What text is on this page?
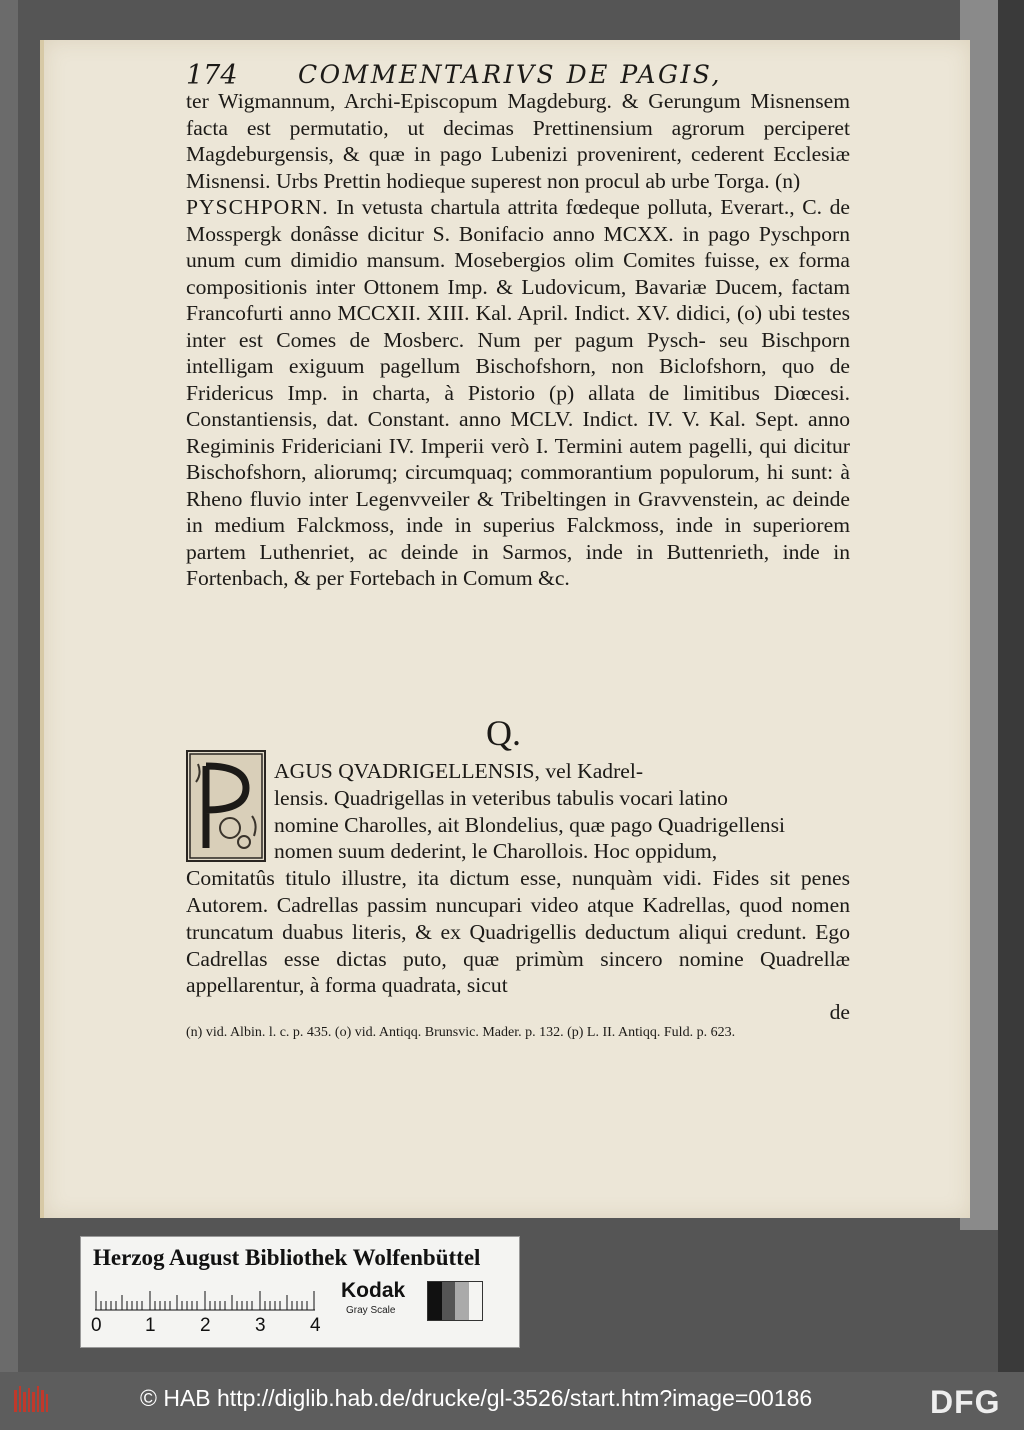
174 COMMENTARIVS DE PAGIS,

ter Wigmannum, Archi-Episcopum Magdeburg. & Gerungum Misnensem facta est permutatio, ut decimas Prettinensium agrorum perciperet Magdeburgensis, & quæ in pago Lubenizi provenirent, cederent Ecclesiæ Misnensi. Urbs Prettin hodieque superest non procul ab urbe Torga. (n)

PYSCHPORN. In vetusta chartula attrita fœdeque polluta, Everart., C. de Mosspergk donâsse dicitur S. Bonifacio anno MCXX. in pago Pyschporn unum cum dimidio mansum. Mosebergios olim Comites fuisse, ex forma compositionis inter Ottonem Imp. & Ludovicum, Bavariæ Ducem, factam Francofurti anno MCCXII. XIII. Kal. April. Indict. XV. didici, (o) ubi testes inter est Comes de Mosberc. Num per pagum Pysch- seu Bischporn intelligam exiguum pagellum Bischofshorn, non Biclofshorn, quo de Fridericus Imp. in charta, à Pistorio (p) allata de limitibus Diœcesi. Constantiensis, dat. Constant. anno MCLV. Indict. IV. V. Kal. Sept. anno Regiminis Fridericiani IV. Imperii verò I. Termini autem pagelli, qui dicitur Bischofshorn, aliorumq; circumquaq; commorantium populorum, hi sunt: à Rheno fluvio inter Legenvveiler & Tribeltingen in Gravvenstein, ac deinde in medium Falckmoss, inde in superius Falckmoss, inde in superiorem partem Luthenriet, ac deinde in Sarmos, inde in Buttenrieth, inde in Fortenbach, & per Fortebach in Comum &c.

Q.

AGUS QVADRIGELLENSIS, vel Kadrel-

lensis. Quadrigellas in veteribus tabulis vocari latino

nomine Charolles, ait Blondelius, quæ pago Quadrigellensi

nomen suum dederint, le Charollois. Hoc oppidum,

Comitatûs titulo illustre, ita dictum esse, nunquàm vidi. Fides sit penes Autorem. Cadrellas passim nuncupari video atque Kadrellas, quod nomen truncatum duabus literis, & ex Quadrigellis deductum aliqui credunt. Ego Cadrellas esse dictas puto, quæ primùm sincero nomine Quadrellæ appellarentur, à forma quadrata, sicut

de

(n) vid. Albin. l. c. p. 435. (o) vid. Antiqq. Brunsvic. Mader. p. 132. (p) L. II. Antiqq. Fuld. p. 623.
Herzog August Bibliothek Wolfenbüttel
0 1 2 3 4
Kodak
Gray Scale
© HAB http://diglib.hab.de/drucke/gl-3526/start.htm?image=00186	DFG
